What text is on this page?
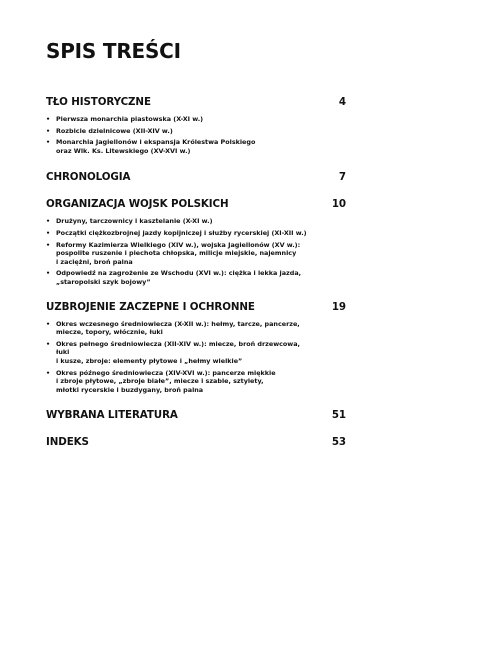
SPIS TREŚCI
TŁO HISTORYCZNE	4
• Pierwsza monarchia piastowska (X-XI w.)
• Rozbicie dzielnicowe (XII-XIV w.)
• Monarchia Jagiellonów i ekspansja Królestwa Polskiego
oraz Wlk. Ks. Litewskiego (XV-XVI w.)
CHRONOLOGIA	7
ORGANIZACJA WOJSK POLSKICH	10
• Drużyny, tarczownicy i kasztelanie (X-XI w.)
• Początki ciężkozbrojnej jazdy kopijniczej i służby rycerskiej (XI-XII w.)
• Reformy Kazimierza Wielkiego (XIV w.), wojska Jagiellonów (XV w.):
pospolite ruszenie i piechota chłopska, milicje miejskie, najemnicy
i zaciężni, broń palna
• Odpowiedź na zagrożenie ze Wschodu (XVI w.): ciężka i lekka jazda,
„staropolski szyk bojowy”
UZBROJENIE ZACZEPNE I OCHRONNE	19
• Okres wczesnego średniowiecza (X-XII w.): hełmy, tarcze, pancerze,
miecze, topory, włócznie, łuki
• Okres pełnego średniowiecza (XII-XIV w.): miecze, broń drzewcowa,
łuki
i kusze, zbroje: elementy płytowe i „hełmy wielkie”
• Okres późnego średniowiecza (XIV-XVI w.): pancerze miękkie
i zbroje płytowe, „zbroje białe”, miecze i szable, sztylety,
młotki rycerskie i buzdygany, broń palna
WYBRANA LITERATURA	51
INDEKS	53
